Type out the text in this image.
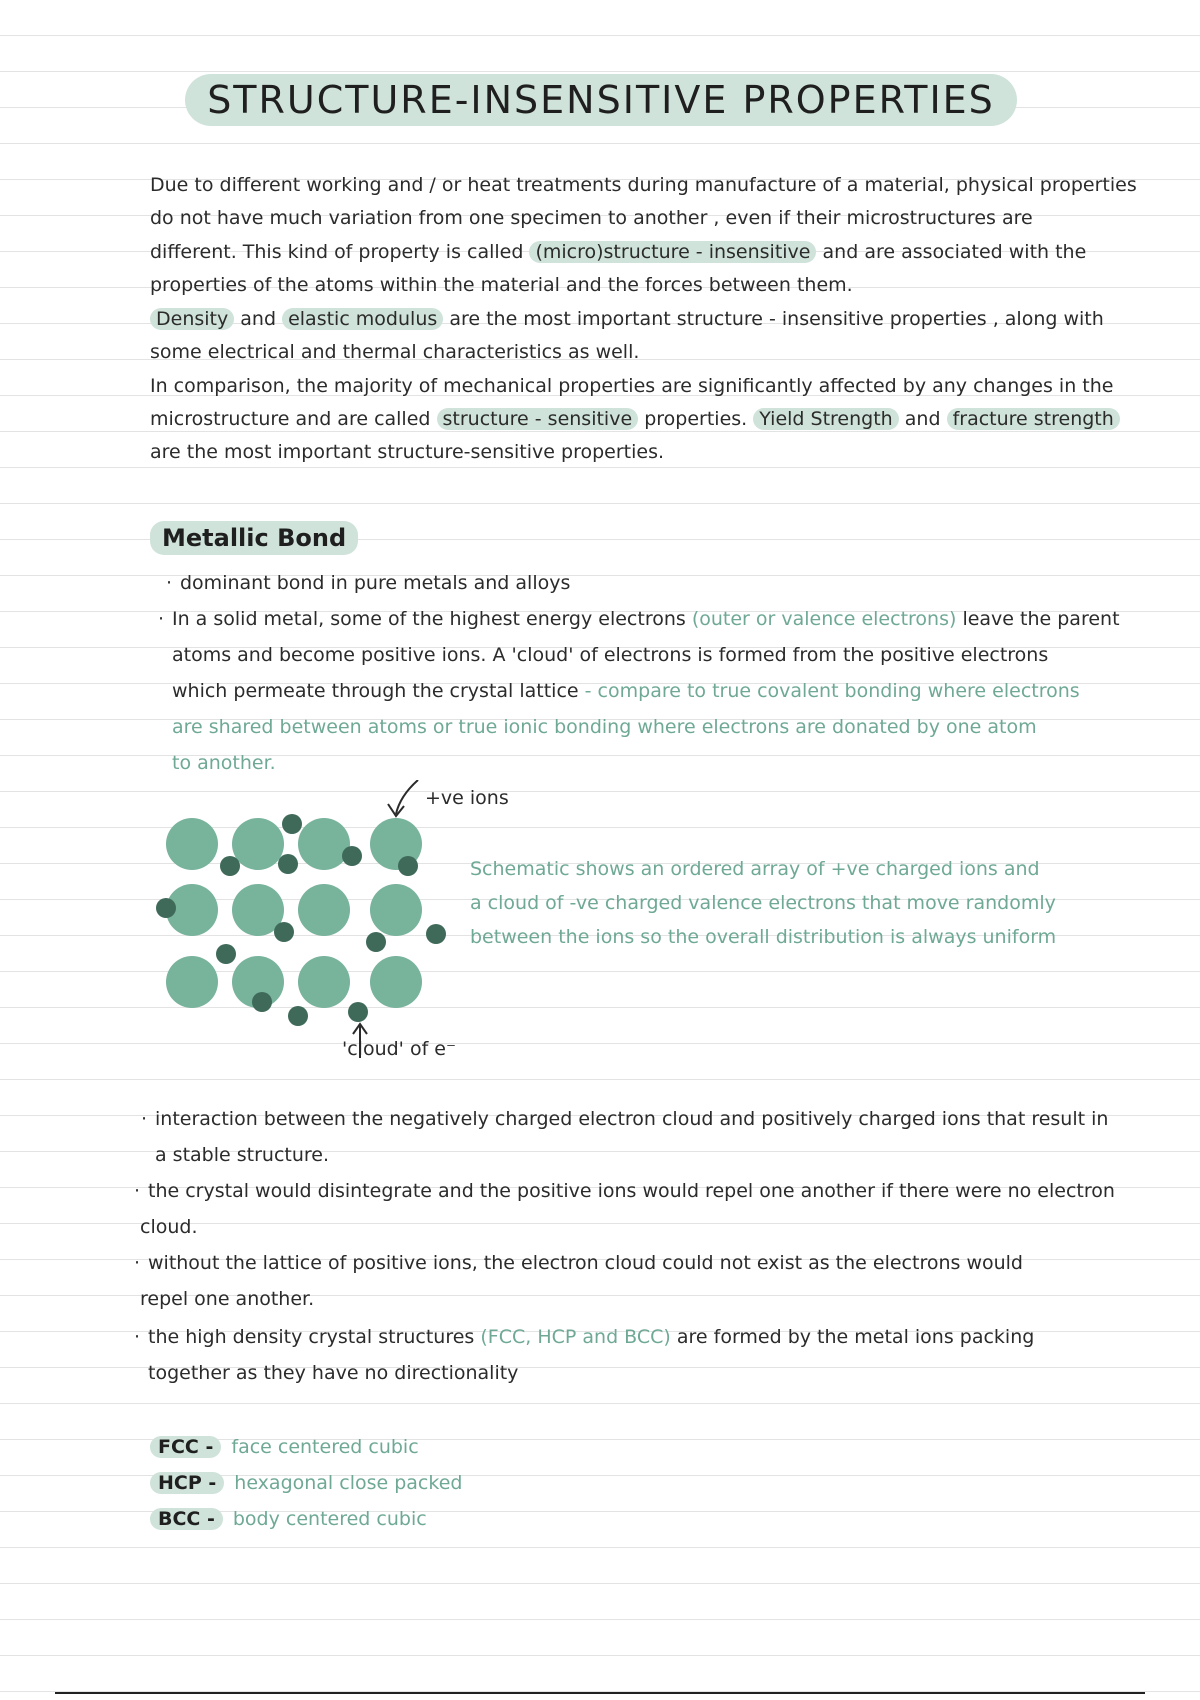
STRUCTURE-INSENSITIVE PROPERTIES
Due to different working and / or heat treatments during manufacture of a material, physical properties
do not have much variation from one specimen to another , even if their microstructures are
different. This kind of property is called (micro)structure - insensitive and are associated with the
properties of the atoms within the material and the forces between them.
Density and elastic modulus are the most important structure - insensitive properties , along with
some electrical and thermal characteristics as well.
In comparison, the majority of mechanical properties are significantly affected by any changes in the
microstructure and are called structure - sensitive properties. Yield Strength and fracture strength
are the most important structure-sensitive properties.
Metallic Bond
· dominant bond in pure metals and alloys
· In a solid metal, some of the highest energy electrons (outer or valence electrons) leave the parent
atoms and become positive ions. A 'cloud' of electrons is formed from the positive electrons
which permeate through the crystal lattice - compare to true covalent bonding where electrons
are shared between atoms or true ionic bonding where electrons are donated by one atom
to another.
+ve ions
'cloud' of e⁻
Schematic shows an ordered array of +ve charged ions and
a cloud of -ve charged valence electrons that move randomly
between the ions so the overall distribution is always uniform
· interaction between the negatively charged electron cloud and positively charged ions that result in
a stable structure.
· the crystal would disintegrate and the positive ions would repel one another if there were no electron
cloud.
· without the lattice of positive ions, the electron cloud could not exist as the electrons would
repel one another.
· the high density crystal structures (FCC, HCP and BCC) are formed by the metal ions packing
together as they have no directionality
FCC - face centered cubic
HCP - hexagonal close packed
BCC - body centered cubic
